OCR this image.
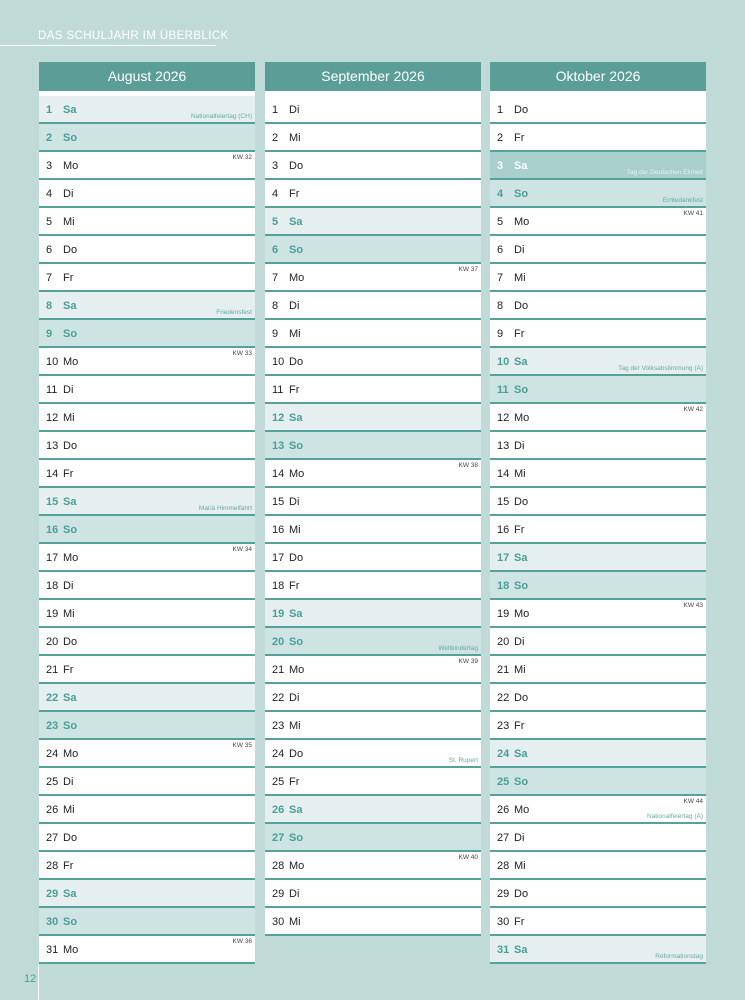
DAS SCHULJAHR IM ÜBERBLICK
August 2026
1 Sa
Nationalfeiertag (CH)
2 So
3 Mo
KW 32
4 Di
5 Mi
6 Do
7 Fr
8 Sa
Friedensfest
9 So
10 Mo
KW 33
11 Di
12 Mi
13 Do
14 Fr
15 Sa
Mariä Himmelfahrt
16 So
17 Mo
KW 34
18 Di
19 Mi
20 Do
21 Fr
22 Sa
23 So
24 Mo
KW 35
25 Di
26 Mi
27 Do
28 Fr
29 Sa
30 So
31 Mo
KW 36
September 2026
1 Di
2 Mi
3 Do
4 Fr
5 Sa
6 So
7 Mo
KW 37
8 Di
9 Mi
10 Do
11 Fr
12 Sa
13 So
14 Mo
KW 38
15 Di
16 Mi
17 Do
18 Fr
19 Sa
20 So
Weltkindertag
21 Mo
KW 39
22 Di
23 Mi
24 Do
St. Rupert
25 Fr
26 Sa
27 So
28 Mo
KW 40
29 Di
30 Mi
Oktober 2026
1 Do
2 Fr
3 Sa
Tag der Deutschen Einheit
4 So
Erntedankfest
5 Mo
KW 41
6 Di
7 Mi
8 Do
9 Fr
10 Sa
Tag der Volksabstimmung (A)
11 So
12 Mo
KW 42
13 Di
14 Mi
15 Do
16 Fr
17 Sa
18 So
19 Mo
KW 43
20 Di
21 Mi
22 Do
23 Fr
24 Sa
25 So
26 Mo
KW 44
Nationalfeiertag (A)
27 Di
28 Mi
29 Do
30 Fr
31 Sa
Reformationstag
12
